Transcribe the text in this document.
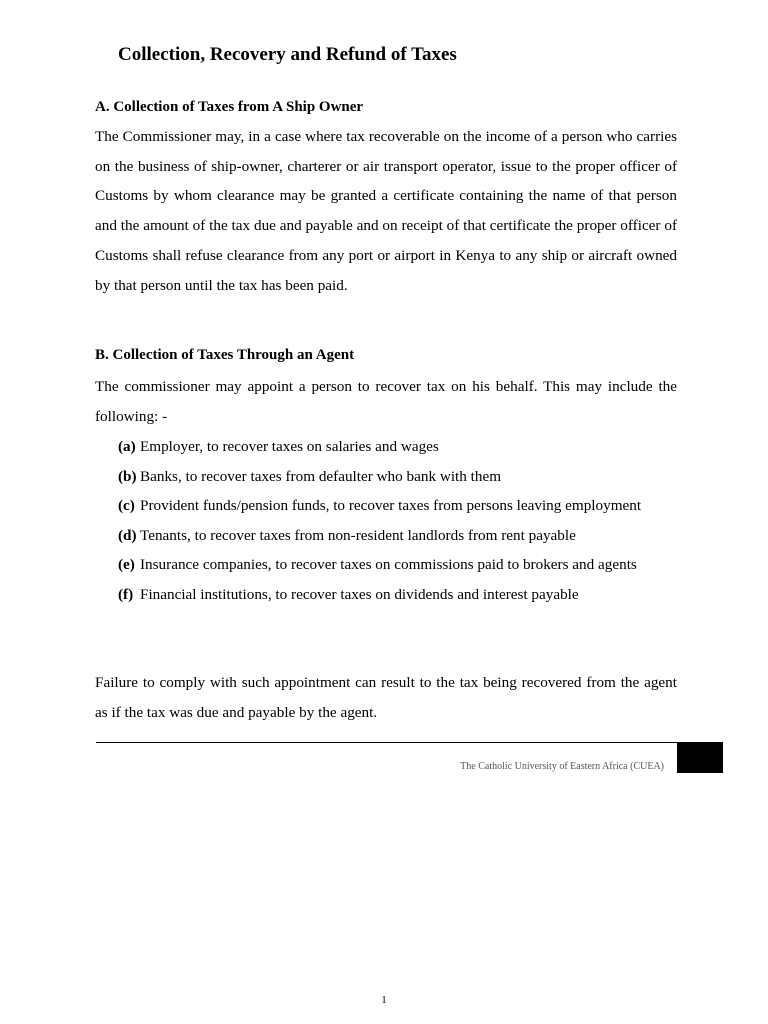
Collection, Recovery and Refund of Taxes
A. Collection of Taxes from A Ship Owner

The Commissioner may, in a case where tax recoverable on the income of a person who carries on the business of ship-owner, charterer or air transport operator, issue to the proper officer of Customs by whom clearance may be granted a certificate containing the name of that person and the amount of the tax due and payable and on receipt of that certificate the proper officer of Customs shall refuse clearance from any port or airport in Kenya to any ship or aircraft owned by that person until the tax has been paid.

B. Collection of Taxes Through an Agent

The commissioner may appoint a person to recover tax on his behalf. This may include the following: -

(a) Employer, to recover taxes on salaries and wages
(b) Banks, to recover taxes from defaulter who bank with them
(c) Provident funds/pension funds, to recover taxes from persons leaving employment
(d) Tenants, to recover taxes from non-resident landlords from rent payable
(e) Insurance companies, to recover taxes on commissions paid to brokers and agents
(f) Financial institutions, to recover taxes on dividends and interest payable

Failure to comply with such appointment can result to the tax being recovered from the agent as if the tax was due and payable by the agent.

The Catholic University of Eastern Africa (CUEA)
1
